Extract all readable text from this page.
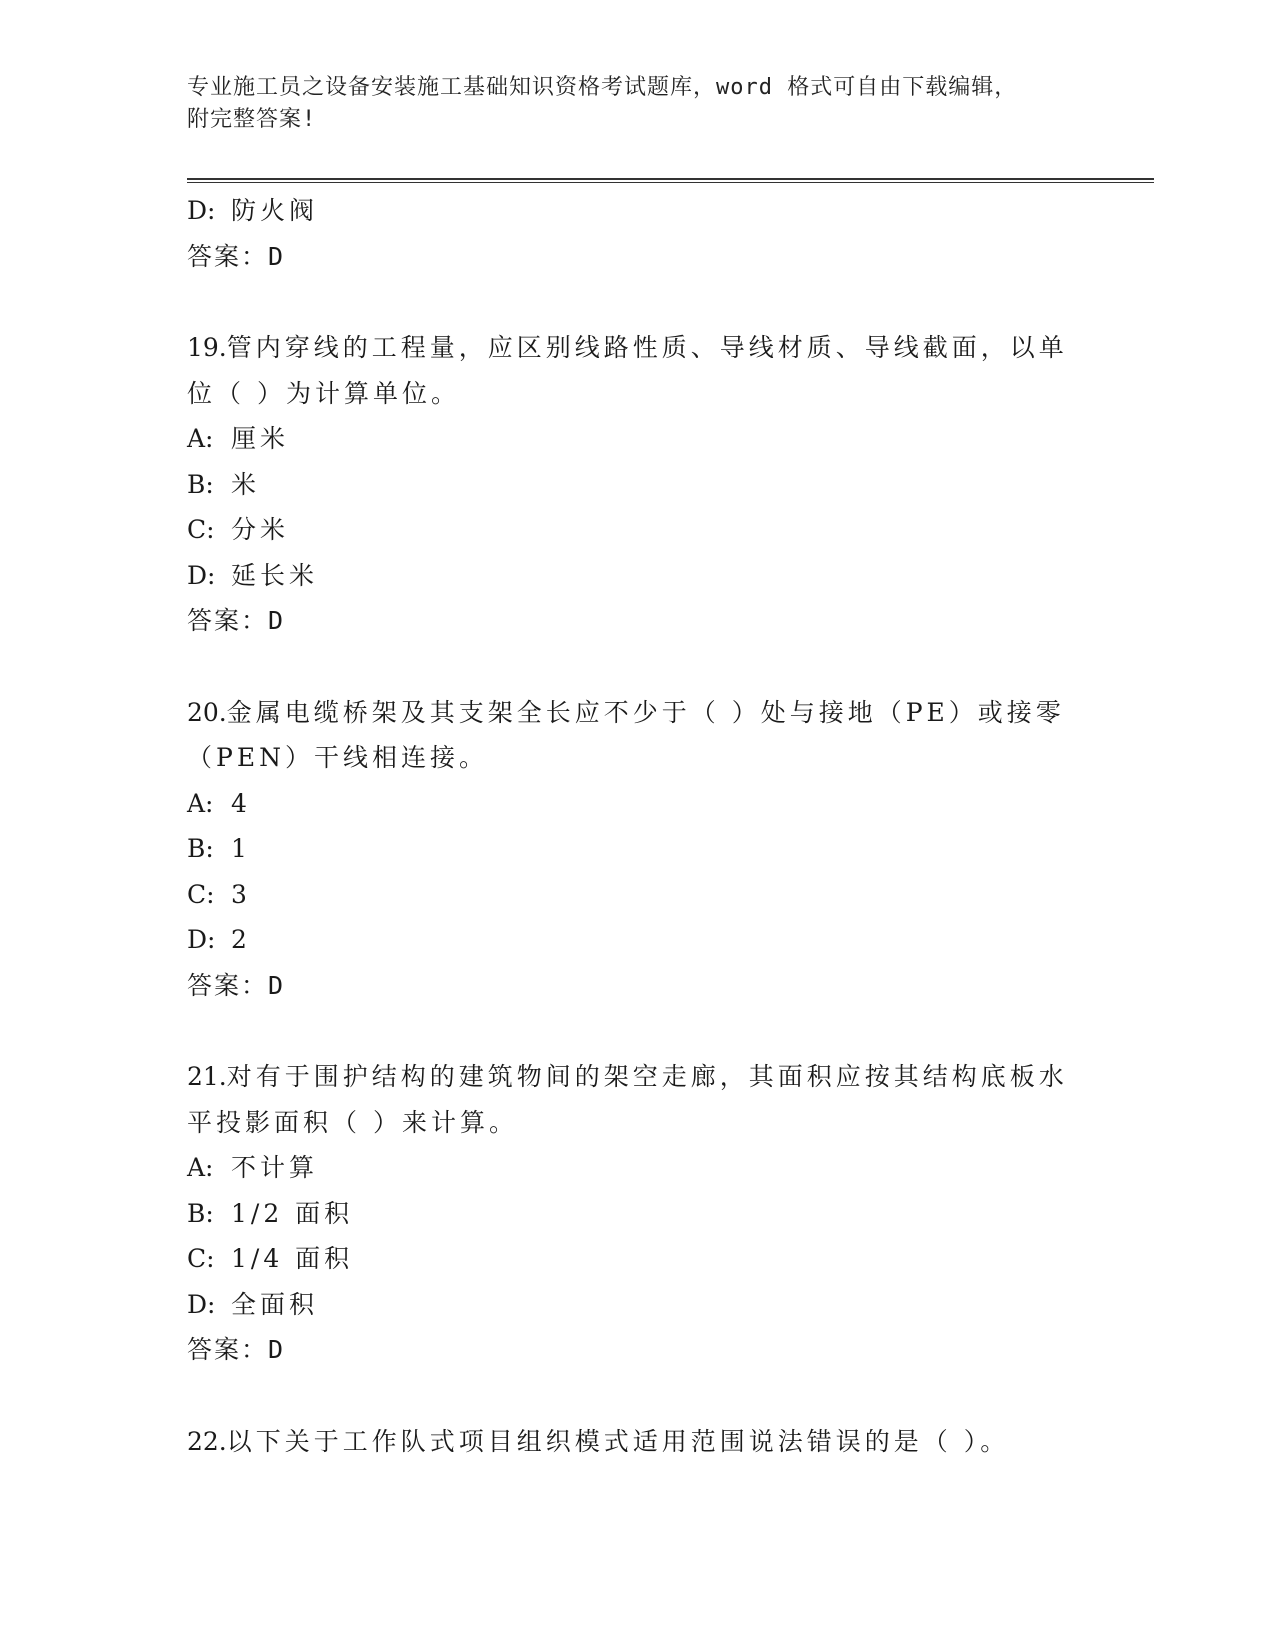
专业施工员之设备安装施工基础知识资格考试题库，word 格式可自由下载编辑，
附完整答案!
D: 防火阀
答案：D
19.管内穿线的工程量，应区别线路性质、导线材质、导线截面，以单
位（ ）为计算单位。
A: 厘米
B: 米
C: 分米
D: 延长米
答案：D
20.金属电缆桥架及其支架全长应不少于（ ）处与接地（PE）或接零
（PEN）干线相连接。
A: 4
B: 1
C: 3
D: 2
答案：D
21.对有于围护结构的建筑物间的架空走廊，其面积应按其结构底板水
平投影面积（ ）来计算。
A: 不计算
B: 1/2 面积
C: 1/4 面积
D: 全面积
答案：D
22.以下关于工作队式项目组织模式适用范围说法错误的是（ ）。
